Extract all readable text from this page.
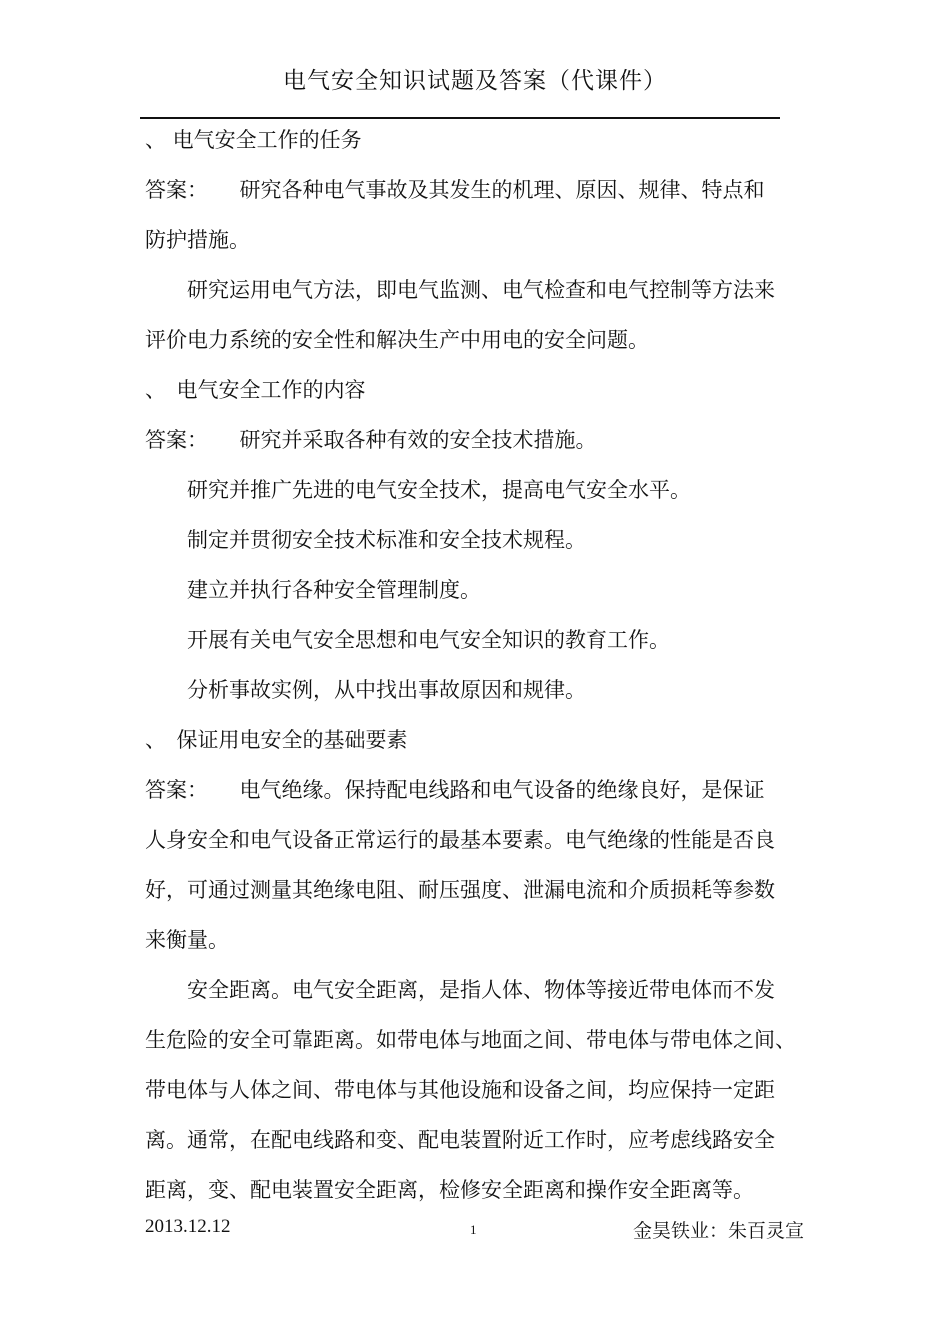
电气安全知识试题及答案（代课件）
、 电气安全工作的任务
答案：　　研究各种电气事故及其发生的机理、原因、规律、特点和
防护措施。
　　研究运用电气方法，即电气监测、电气检查和电气控制等方法来
评价电力系统的安全性和解决生产中用电的安全问题。
、　电气安全工作的内容
答案：　　研究并采取各种有效的安全技术措施。
　　研究并推广先进的电气安全技术，提高电气安全水平。
　　制定并贯彻安全技术标准和安全技术规程。
　　建立并执行各种安全管理制度。
　　开展有关电气安全思想和电气安全知识的教育工作。
　　分析事故实例，从中找出事故原因和规律。
、　保证用电安全的基础要素
答案：　　电气绝缘。保持配电线路和电气设备的绝缘良好，是保证
人身安全和电气设备正常运行的最基本要素。电气绝缘的性能是否良
好，可通过测量其绝缘电阻、耐压强度、泄漏电流和介质损耗等参数
来衡量。
　　安全距离。电气安全距离，是指人体、物体等接近带电体而不发
生危险的安全可靠距离。如带电体与地面之间、带电体与带电体之间、
带电体与人体之间、带电体与其他设施和设备之间，均应保持一定距
离。通常，在配电线路和变、配电装置附近工作时，应考虑线路安全
距离，变、配电装置安全距离，检修安全距离和操作安全距离等。
2013.12.12	1	金昊铁业：朱百灵宣
